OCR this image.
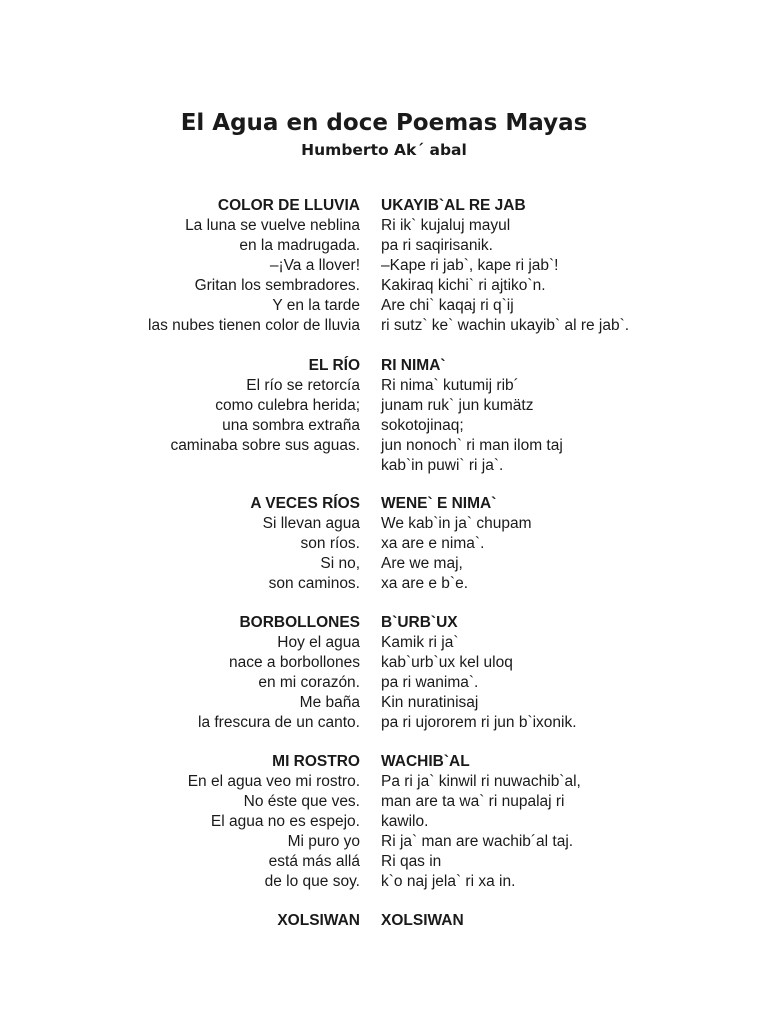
El Agua en doce Poemas Mayas

Humberto Ak´ abal

COLOR DE LLUVIA
La luna se vuelve neblina
en la madrugada.
–¡Va a llover!
Gritan los sembradores.
Y en la tarde
las nubes tienen color de lluvia
UKAYIB`AL RE JAB
Ri ik` kujaluj mayul
pa ri saqirisanik.
–Kape ri jab`, kape ri jab`!
Kakiraq kichi` ri ajtiko`n.
Are chi` kaqaj ri q`ij
ri sutz` ke` wachin ukayib` al re jab`.
EL RÍO
El río se retorcía
como culebra herida;
una sombra extraña
caminaba sobre sus aguas.
RI NIMA`
Ri nima` kutumij rib´
junam ruk` jun kumätz
sokotojinaq;
jun nonoch` ri man ilom taj
kab`in puwi` ri ja`.
A VECES RÍOS
Si llevan agua
son ríos.
Si no,
son caminos.
WENE` E NIMA`
We kab`in ja` chupam
xa are e nima`.
Are we maj,
xa are e b`e.
BORBOLLONES
Hoy el agua
nace a borbollones
en mi corazón.
Me baña
la frescura de un canto.
B`URB`UX
Kamik ri ja`
kab`urb`ux kel uloq
pa ri wanima`.
Kin nuratinisaj
pa ri ujororem ri jun b`ixonik.
MI ROSTRO
En el agua veo mi rostro.
No éste que ves.
El agua no es espejo.
Mi puro yo
está más allá
de lo que soy.
WACHIB`AL
Pa ri ja` kinwil ri nuwachib`al,
man are ta wa` ri nupalaj ri
kawilo.
Ri ja` man are wachib´al taj.
Ri qas in
k`o naj jela` ri xa in.
XOLSIWAN XOLSIWAN
